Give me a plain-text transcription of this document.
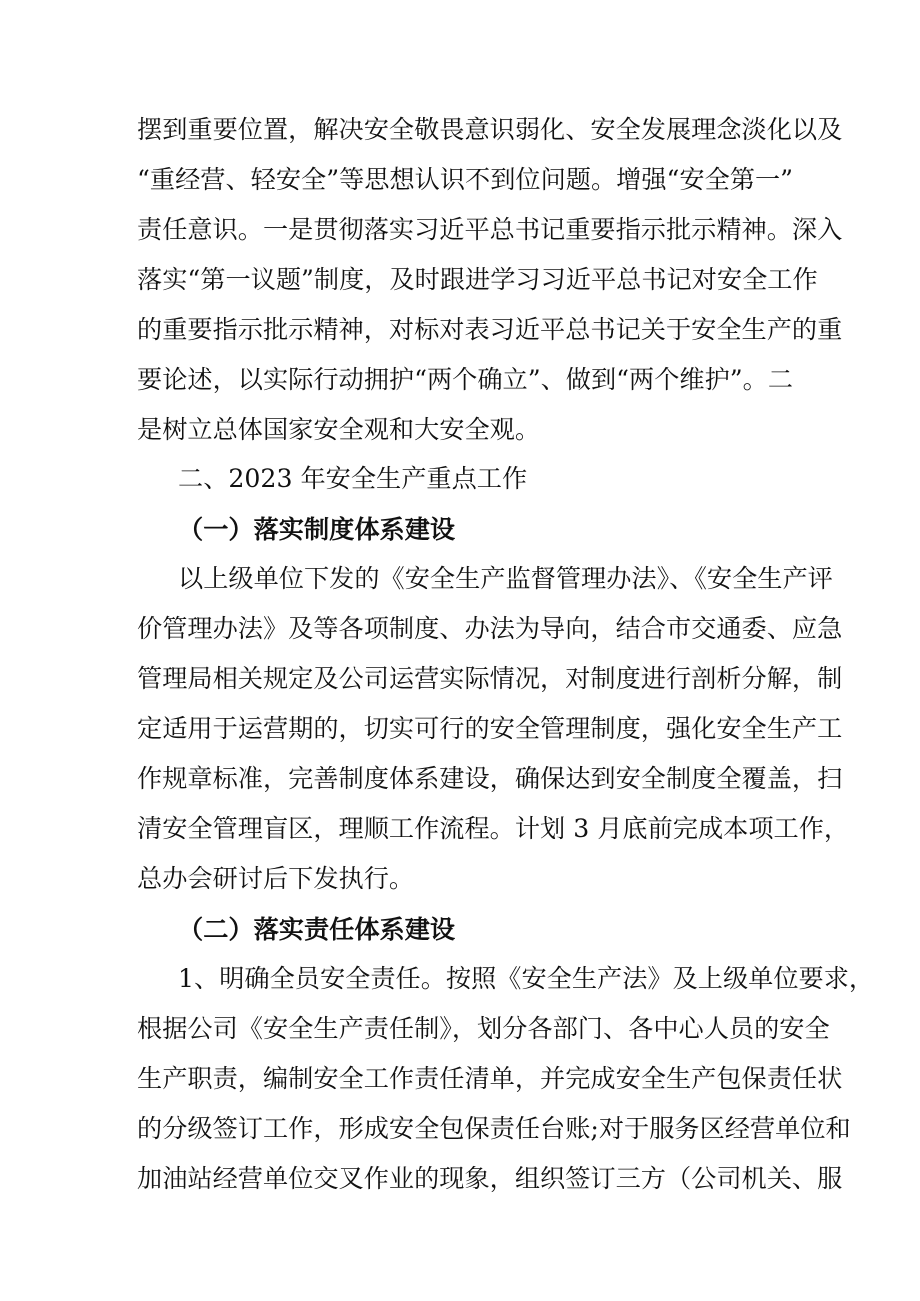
摆到重要位置，解决安全敬畏意识弱化、安全发展理念淡化以及
“重经营、轻安全”等思想认识不到位问题。增强“安全第一”
责任意识。一是贯彻落实习近平总书记重要指示批示精神。深入
落实“第一议题”制度，及时跟进学习习近平总书记对安全工作
的重要指示批示精神，对标对表习近平总书记关于安全生产的重
要论述，以实际行动拥护“两个确立”、做到“两个维护”。二
是树立总体国家安全观和大安全观。
二、2023 年安全生产重点工作
（一）落实制度体系建设
以上级单位下发的《安全生产监督管理办法》、《安全生产评
价管理办法》及等各项制度、办法为导向，结合市交通委、应急
管理局相关规定及公司运营实际情况，对制度进行剖析分解，制
定适用于运营期的，切实可行的安全管理制度，强化安全生产工
作规章标准，完善制度体系建设，确保达到安全制度全覆盖，扫
清安全管理盲区，理顺工作流程。计划 3 月底前完成本项工作，
总办会研讨后下发执行。
（二）落实责任体系建设
1、明确全员安全责任。按照《安全生产法》及上级单位要求，
根据公司《安全生产责任制》，划分各部门、各中心人员的安全
生产职责，编制安全工作责任清单，并完成安全生产包保责任状
的分级签订工作，形成安全包保责任台账;对于服务区经营单位和
加油站经营单位交叉作业的现象，组织签订三方（公司机关、服
